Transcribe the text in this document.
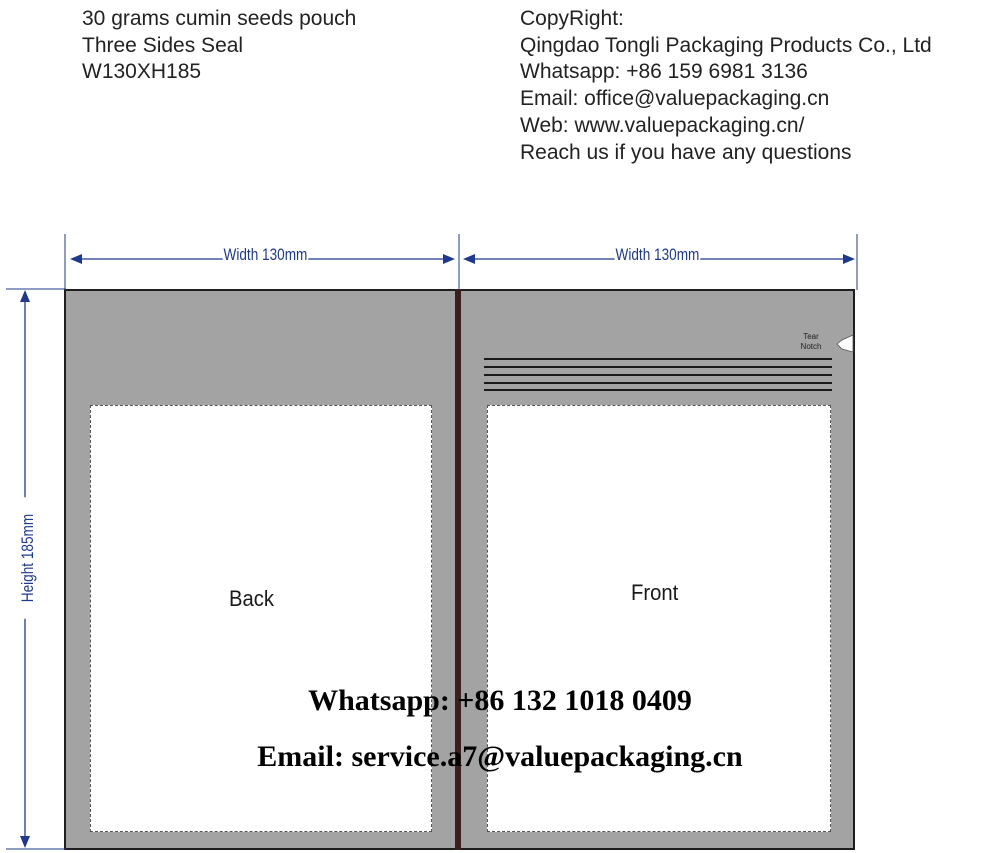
30 grams cumin seeds pouch
Three Sides Seal
W130XH185
CopyRight:
Qingdao Tongli Packaging Products Co., Ltd
Whatsapp: +86 159 6981 3136
Email: office@valuepackaging.cn
Web: www.valuepackaging.cn/
Reach us if you have any questions
Tear
Notch
Width 130mm	Width 130mm
Height 185mm	Back	Front
Whatsapp: +86 132 1018 0409
Email: service.a7@valuepackaging.cn
